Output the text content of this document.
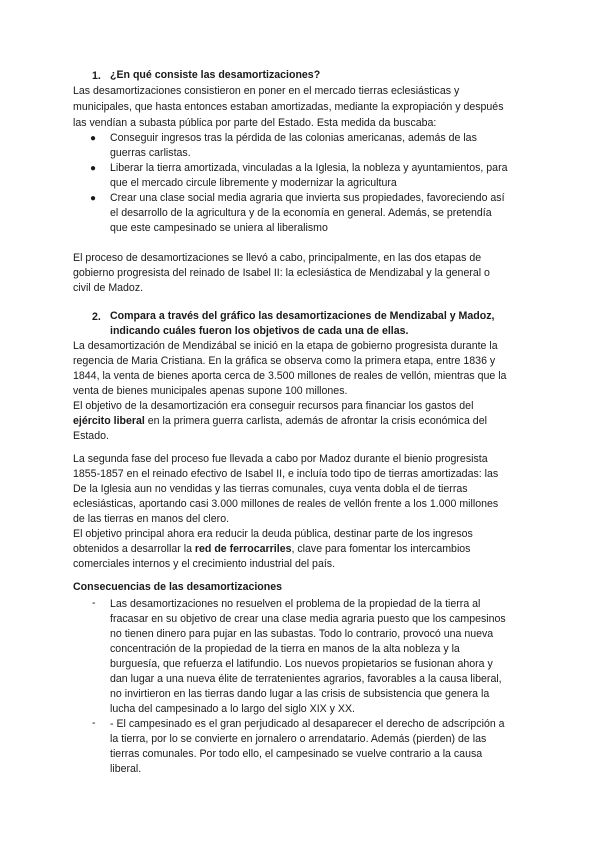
1. ¿En qué consiste las desamortizaciones?
Las desamortizaciones consistieron en poner en el mercado tierras eclesiásticas y
municipales, que hasta entonces estaban amortizadas, mediante la expropiación y después
las vendían a subasta pública por parte del Estado. Esta medida da buscaba:
● Conseguir ingresos tras la pérdida de las colonias americanas, además de las
guerras carlistas.
● Liberar la tierra amortizada, vinculadas a la Iglesia, la nobleza y ayuntamientos, para
que el mercado circule libremente y modernizar la agricultura
● Crear una clase social media agraria que invierta sus propiedades, favoreciendo así
el desarrollo de la agricultura y de la economía en general. Además, se pretendía
que este campesinado se uniera al liberalismo
El proceso de desamortizaciones se llevó a cabo, principalmente, en las dos etapas de
gobierno progresista del reinado de Isabel II: la eclesiástica de Mendizabal y la general o
civil de Madoz.
2. Compara a través del gráfico las desamortizaciones de Mendizabal y Madoz,
indicando cuáles fueron los objetivos de cada una de ellas.
La desamortización de Mendizábal se inició en la etapa de gobierno progresista durante la
regencia de Maria Cristiana. En la gráfica se observa como la primera etapa, entre 1836 y
1844, la venta de bienes aporta cerca de 3.500 millones de reales de vellón, mientras que la
venta de bienes municipales apenas supone 100 millones.
El objetivo de la desamortización era conseguir recursos para financiar los gastos del
ejército liberal en la primera guerra carlista, además de afrontar la crisis económica del
Estado.
La segunda fase del proceso fue llevada a cabo por Madoz durante el bienio progresista
1855-1857 en el reinado efectivo de Isabel II, e incluía todo tipo de tierras amortizadas: las
De la Iglesia aun no vendidas y las tierras comunales, cuya venta dobla el de tierras
eclesiásticas, aportando casi 3.000 millones de reales de vellón frente a los 1.000 millones
de las tierras en manos del clero.
El objetivo principal ahora era reducir la deuda pública, destinar parte de los ingresos
obtenidos a desarrollar la red de ferrocarriles, clave para fomentar los intercambios
comerciales internos y el crecimiento industrial del país.
Consecuencias de las desamortizaciones
- Las desamortizaciones no resuelven el problema de la propiedad de la tierra al
fracasar en su objetivo de crear una clase media agraria puesto que los campesinos
no tienen dinero para pujar en las subastas. Todo lo contrario, provocó una nueva
concentración de la propiedad de la tierra en manos de la alta nobleza y la
burguesía, que refuerza el latifundio. Los nuevos propietarios se fusionan ahora y
dan lugar a una nueva élite de terratenientes agrarios, favorables a la causa liberal,
no invirtieron en las tierras dando lugar a las crisis de subsistencia que genera la
lucha del campesinado a lo largo del siglo XIX y XX.
- - El campesinado es el gran perjudicado al desaparecer el derecho de adscripción a
la tierra, por lo se convierte en jornalero o arrendatario. Además (pierden) de las
tierras comunales. Por todo ello, el campesinado se vuelve contrario a la causa
liberal.
